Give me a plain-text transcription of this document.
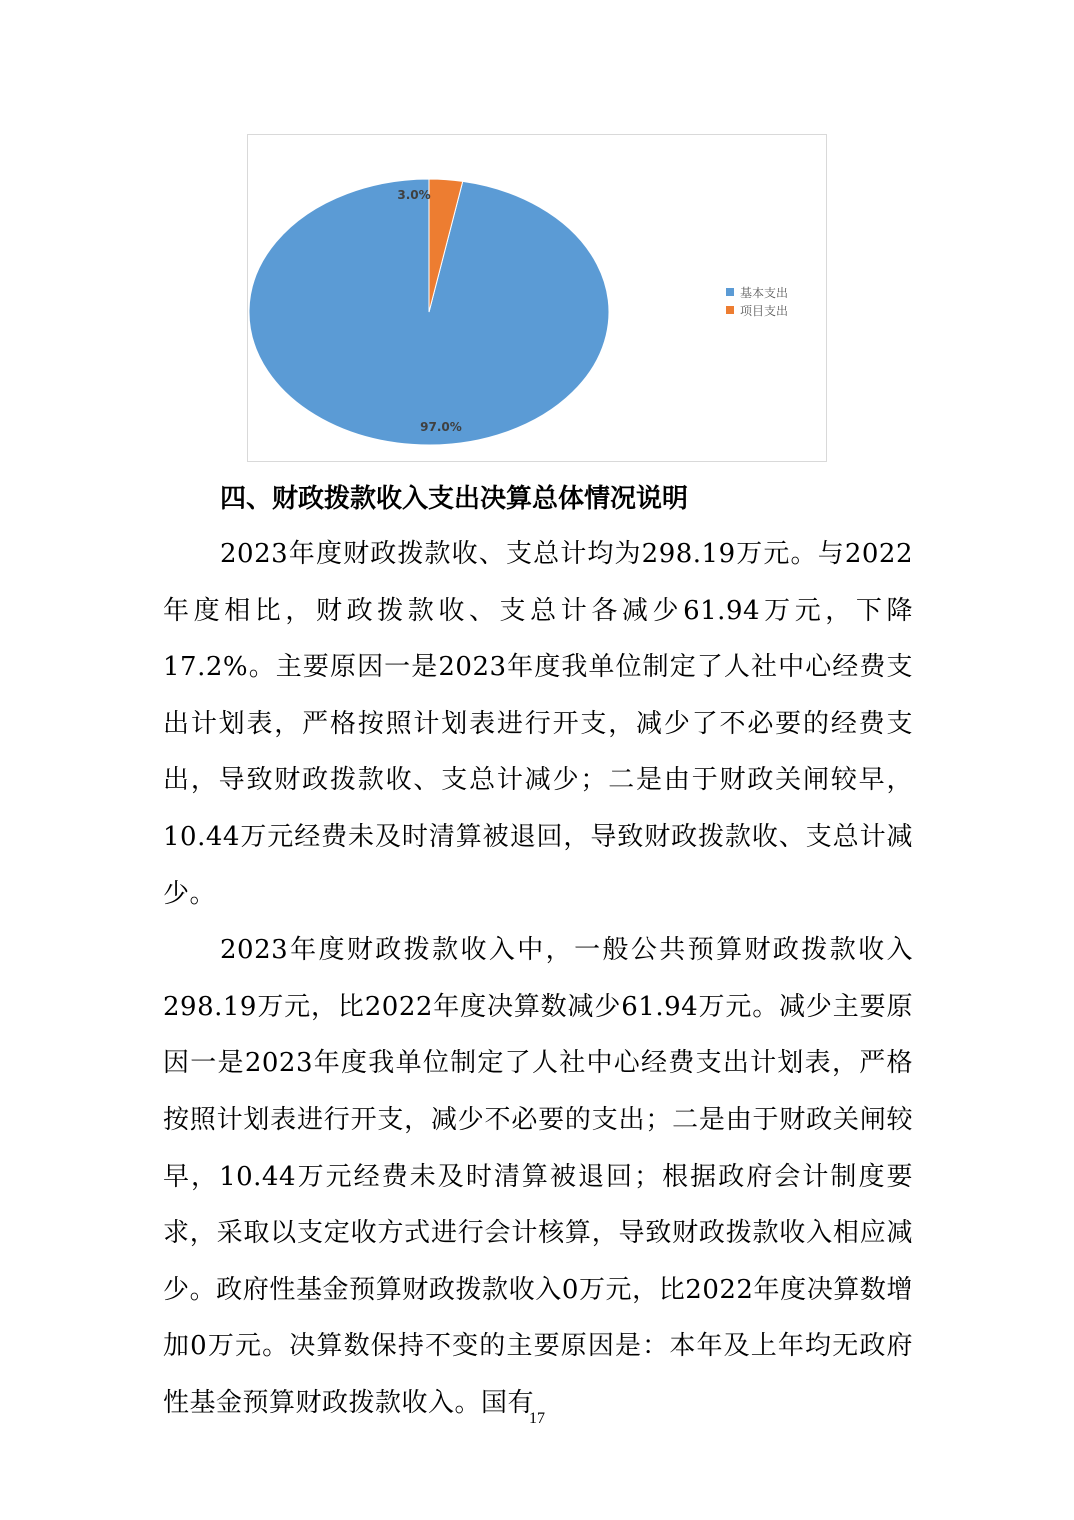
97.0%
3.0%
基本支出
项目支出
四、财政拨款收入支出决算总体情况说明

2023年度财政拨款收、支总计均为298.19万元。与2022年度相比，财政拨款收、支总计各减少61.94万元，下降17.2%。主要原因一是2023年度我单位制定了人社中心经费支出计划表，严格按照计划表进行开支，减少了不必要的经费支出，导致财政拨款收、支总计减少；二是由于财政关闸较早，10.44万元经费未及时清算被退回，导致财政拨款收、支总计减少。

2023年度财政拨款收入中，一般公共预算财政拨款收入298.19万元，比2022年度决算数减少61.94万元。减少主要原因一是2023年度我单位制定了人社中心经费支出计划表，严格按照计划表进行开支，减少不必要的支出；二是由于财政关闸较早，10.44万元经费未及时清算被退回；根据政府会计制度要求，采取以支定收方式进行会计核算，导致财政拨款收入相应减少。政府性基金预算财政拨款收入0万元，比2022年度决算数增加0万元。决算数保持不变的主要原因是：本年及上年均无政府性基金预算财政拨款收入。国有

17
